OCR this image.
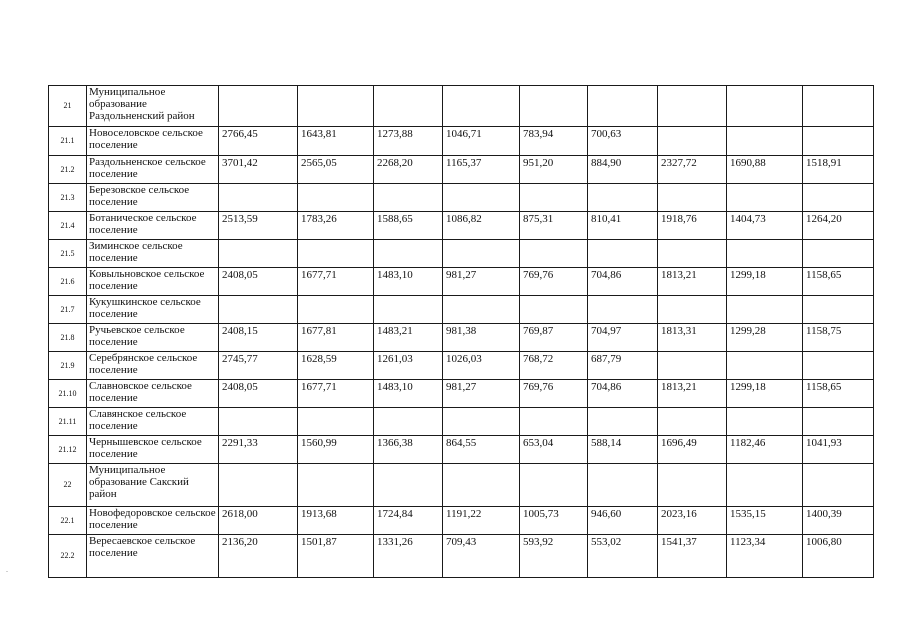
21	Муниципальное образование Раздольненский район									
21.1	Новоселовское сельское поселение	2766,45	1643,81	1273,88	1046,71	783,94	700,63			
21.2	Раздольненское сельское поселение	3701,42	2565,05	2268,20	1165,37	951,20	884,90	2327,72	1690,88	1518,91
21.3	Березовское сельское поселение									
21.4	Ботаническое сельское поселение	2513,59	1783,26	1588,65	1086,82	875,31	810,41	1918,76	1404,73	1264,20
21.5	Зиминское сельское поселение									
21.6	Ковыльновское сельское поселение	2408,05	1677,71	1483,10	981,27	769,76	704,86	1813,21	1299,18	1158,65
21.7	Кукушкинское сельское поселение									
21.8	Ручьевское сельское поселение	2408,15	1677,81	1483,21	981,38	769,87	704,97	1813,31	1299,28	1158,75
21.9	Серебрянское сельское поселение	2745,77	1628,59	1261,03	1026,03	768,72	687,79			
21.10	Славновское сельское поселение	2408,05	1677,71	1483,10	981,27	769,76	704,86	1813,21	1299,18	1158,65
21.11	Славянское сельское поселение									
21.12	Чернышевское сельское поселение	2291,33	1560,99	1366,38	864,55	653,04	588,14	1696,49	1182,46	1041,93
22	Муниципальное образование Сакский район									
22.1	Новофедоровское сельское поселение	2618,00	1913,68	1724,84	1191,22	1005,73	946,60	2023,16	1535,15	1400,39
22.2	Вересаевское сельское поселение	2136,20	1501,87	1331,26	709,43	593,92	553,02	1541,37	1123,34	1006,80
.
